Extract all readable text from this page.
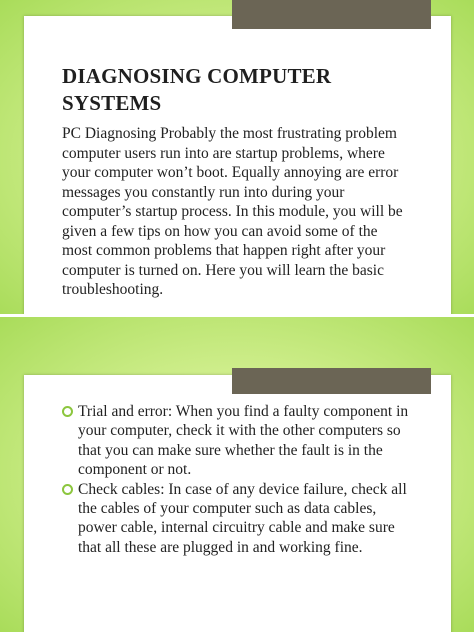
DIAGNOSING COMPUTER SYSTEMS
PC Diagnosing Probably the most frustrating problem computer users run into are startup problems, where your computer won’t boot. Equally annoying are error messages you constantly run into during your computer’s startup process. In this module, you will be given a few tips on how you can avoid some of the most common problems that happen right after your computer is turned on. Here you will learn the basic troubleshooting.
Trial and error: When you find a faulty component in your computer, check it with the other computers so that you can make sure whether the fault is in the component or not.
Check cables: In case of any device failure, check all the cables of your computer such as data cables, power cable, internal circuitry cable and make sure that all these are plugged in and working fine.
